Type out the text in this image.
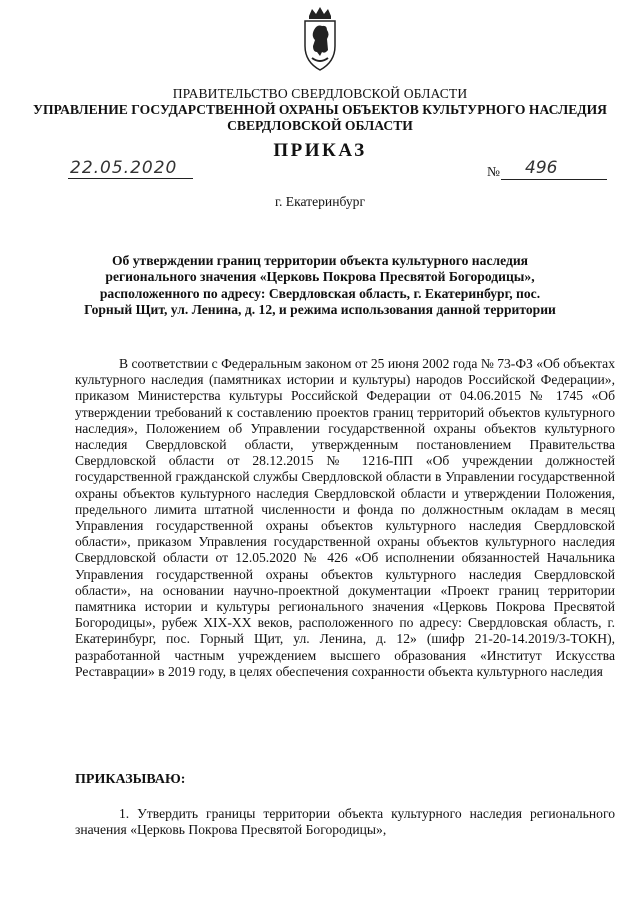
ПРАВИТЕЛЬСТВО СВЕРДЛОВСКОЙ ОБЛАСТИ
УПРАВЛЕНИЕ ГОСУДАРСТВЕННОЙ ОХРАНЫ ОБЪЕКТОВ КУЛЬТУРНОГО НАСЛЕДИЯ СВЕРДЛОВСКОЙ ОБЛАСТИ
ПРИКАЗ
22.05.2020	№ 496
г. Екатеринбург
Об утверждении границ территории объекта культурного наследия регионального значения «Церковь Покрова Пресвятой Богородицы», расположенного по адресу: Свердловская область, г. Екатеринбург, пос. Горный Щит, ул. Ленина, д. 12, и режима использования данной территории
В соответствии с Федеральным законом от 25 июня 2002 года № 73-ФЗ «Об объектах культурного наследия (памятниках истории и культуры) народов Российской Федерации», приказом Министерства культуры Российской Федерации от 04.06.2015 № 1745 «Об утверждении требований к составлению проектов границ территорий объектов культурного наследия», Положением об Управлении государственной охраны объектов культурного наследия Свердловской области, утвержденным постановлением Правительства Свердловской области от 28.12.2015 № 1216-ПП «Об учреждении должностей государственной гражданской службы Свердловской области в Управлении государственной охраны объектов культурного наследия Свердловской области и утверждении Положения, предельного лимита штатной численности и фонда по должностным окладам в месяц Управления государственной охраны объектов культурного наследия Свердловской области», приказом Управления государственной охраны объектов культурного наследия Свердловской области от 12.05.2020 № 426 «Об исполнении обязанностей Начальника Управления государственной охраны объектов культурного наследия Свердловской области», на основании научно-проектной документации «Проект границ территории памятника истории и культуры регионального значения «Церковь Покрова Пресвятой Богородицы», рубеж XIX-XX веков, расположенного по адресу: Свердловская область, г. Екатеринбург, пос. Горный Щит, ул. Ленина, д. 12» (шифр 21-20-14.2019/3-ТОКН), разработанной частным учреждением высшего образования «Институт Искусства Реставрации» в 2019 году, в целях обеспечения сохранности объекта культурного наследия
ПРИКАЗЫВАЮ:
1. Утвердить границы территории объекта культурного наследия регионального значения «Церковь Покрова Пресвятой Богородицы»,
